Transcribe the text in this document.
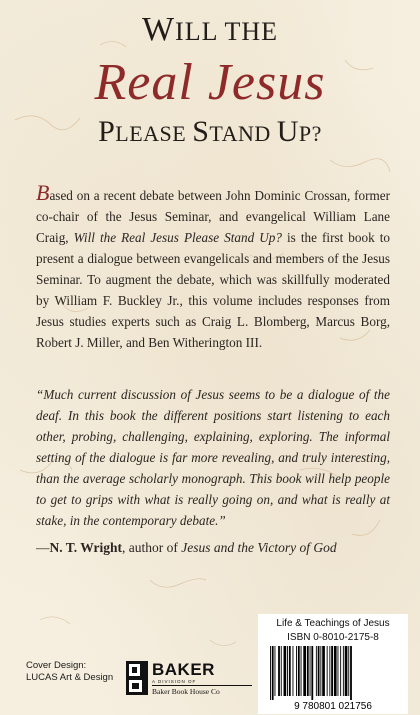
WILL THE
Real Jesus
PLEASE STAND UP?
Based on a recent debate between John Dominic Crossan, former co-chair of the Jesus Seminar, and evangelical William Lane Craig, Will the Real Jesus Please Stand Up? is the first book to present a dialogue between evangelicals and members of the Jesus Seminar. To augment the debate, which was skillfully moderated by William F. Buckley Jr., this volume includes responses from Jesus studies experts such as Craig L. Blomberg, Marcus Borg, Robert J. Miller, and Ben Witherington III.
“Much current discussion of Jesus seems to be a dialogue of the deaf. In this book the different positions start listening to each other, probing, challenging, explaining, exploring. The informal setting of the dialogue is far more revealing, and truly interesting, than the average scholarly monograph. This book will help people to get to grips with what is really going on, and what is really at stake, in the contemporary debate.”
—N. T. Wright, author of Jesus and the Victory of God
Cover Design:
LUCAS Art & Design BAKER
A DIVISION OF
Baker Book House Co
Life & Teachings of Jesus
ISBN 0-8010-2175-8
9 780801 021756
